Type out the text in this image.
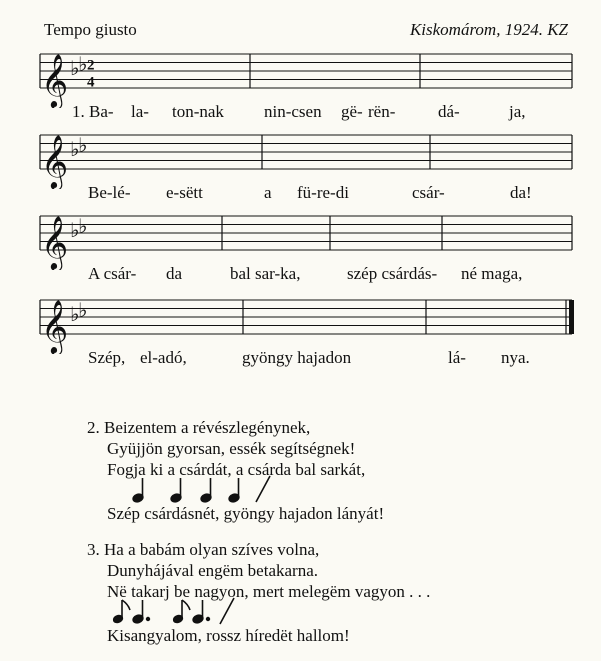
Tempo giusto	Kiskomárom, 1924. KZ
𝄞 ♭
♭ 2
4
1. Ba- la- ton-nak nin-csen gë- rën-	dá-	ja,
𝄞 ♭
♭
Be-lé- e-sëtt	a fü-re-di	csár-	da!
𝄞 ♭
♭
A csár- da	bal sar-ka,	szép csárdás- né maga,
𝄞 ♭
♭
Szép, el-adó,	gyöngy hajadon	lá- nya.
2. Beizentem a révészlegénynek,
Gyüjjön gyorsan, essék segítségnek!
Fogja ki a csárdát, a csárda bal sarkát,
Szép csárdásnét, gyöngy hajadon lányát!
3. Ha a babám olyan szíves volna,
Dunyhájával engëm betakarna.
Në takarj be nagyon, mert melegëm vagyon . . .
Kisangyalom, rossz híredët hallom!
